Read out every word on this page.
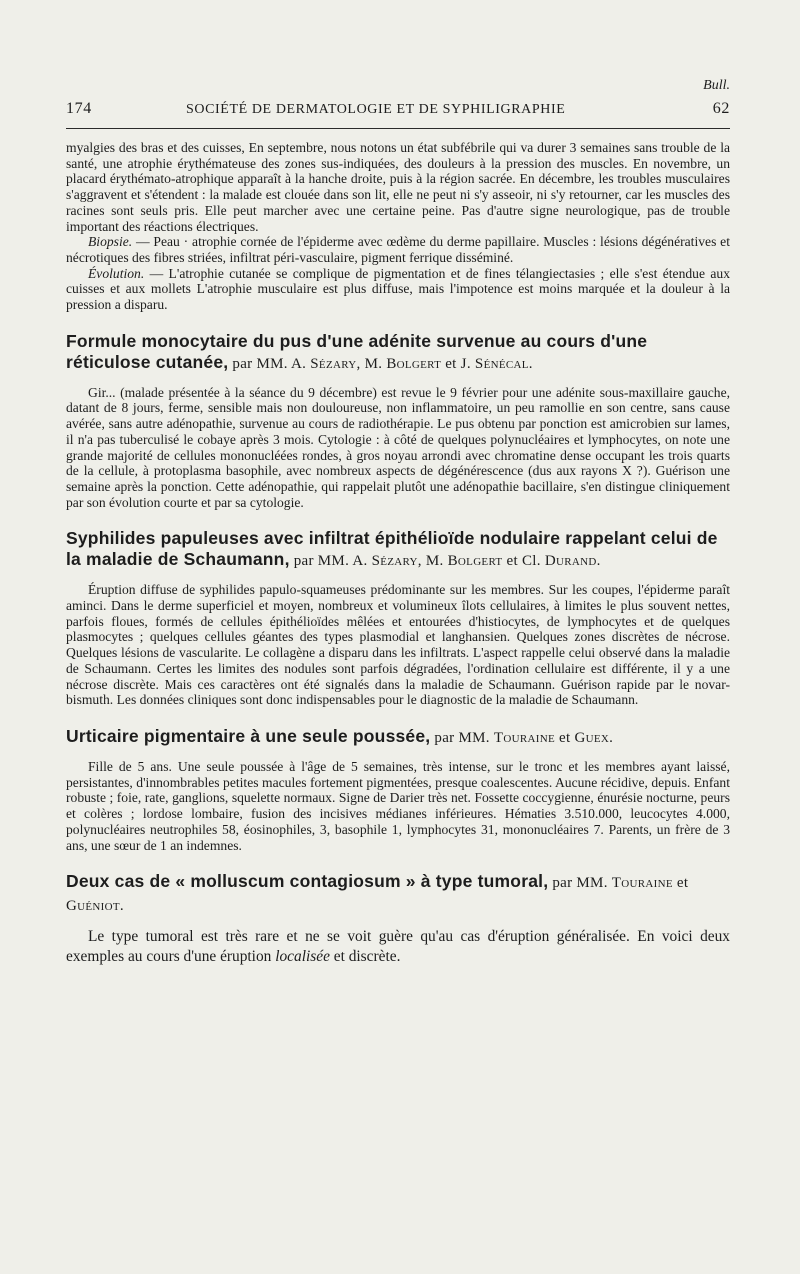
Bull.
174	SOCIÉTÉ DE DERMATOLOGIE ET DE SYPHILIGRAPHIE	62

myalgies des bras et des cuisses, En septembre, nous notons un état subfébrile qui va durer 3 semaines sans trouble de la santé, une atrophie érythémateuse des zones sus-indiquées, des douleurs à la pression des muscles. En novembre, un placard érythémato-atrophique apparaît à la hanche droite, puis à la région sacrée. En décembre, les troubles musculaires s'aggravent et s'étendent : la malade est clouée dans son lit, elle ne peut ni s'y asseoir, ni s'y retourner, car les muscles des racines sont seuls pris. Elle peut marcher avec une certaine peine. Pas d'autre signe neurologique, pas de trouble important des réactions électriques.

Biopsie. — Peau · atrophie cornée de l'épiderme avec œdème du derme papillaire. Muscles : lésions dégénératives et nécrotiques des fibres striées, infiltrat péri-vasculaire, pigment ferrique disséminé.

Évolution. — L'atrophie cutanée se complique de pigmentation et de fines télangiectasies ; elle s'est étendue aux cuisses et aux mollets L'atrophie musculaire est plus diffuse, mais l'impotence est moins marquée et la douleur à la pression a disparu.

Formule monocytaire du pus d'une adénite survenue au cours d'une réticulose cutanée, par MM. A. Sézary, M. Bolgert et J. Sénécal.

Gir... (malade présentée à la séance du 9 décembre) est revue le 9 février pour une adénite sous-maxillaire gauche, datant de 8 jours, ferme, sensible mais non douloureuse, non inflammatoire, un peu ramollie en son centre, sans cause avérée, sans autre adénopathie, survenue au cours de radiothérapie. Le pus obtenu par ponction est amicrobien sur lames, il n'a pas tuberculisé le cobaye après 3 mois. Cytologie : à côté de quelques polynucléaires et lymphocytes, on note une grande majorité de cellules mononucléées rondes, à gros noyau arrondi avec chromatine dense occupant les trois quarts de la cellule, à protoplasma basophile, avec nombreux aspects de dégénérescence (dus aux rayons X ?). Guérison une semaine après la ponction. Cette adénopathie, qui rappelait plutôt une adénopathie bacillaire, s'en distingue cliniquement par son évolution courte et par sa cytologie.

Syphilides papuleuses avec infiltrat épithélioïde nodulaire rappelant celui de la maladie de Schaumann, par MM. A. Sézary, M. Bolgert et Cl. Durand.

Éruption diffuse de syphilides papulo-squameuses prédominante sur les membres. Sur les coupes, l'épiderme paraît aminci. Dans le derme superficiel et moyen, nombreux et volumineux îlots cellulaires, à limites le plus souvent nettes, parfois floues, formés de cellules épithélioïdes mêlées et entourées d'histiocytes, de lymphocytes et de quelques plasmocytes ; quelques cellules géantes des types plasmodial et langhansien. Quelques zones discrètes de nécrose. Quelques lésions de vascularite. Le collagène a disparu dans les infiltrats. L'aspect rappelle celui observé dans la maladie de Schaumann. Certes les limites des nodules sont parfois dégradées, l'ordination cellulaire est différente, il y a une nécrose discrète. Mais ces caractères ont été signalés dans la maladie de Schaumann. Guérison rapide par le novar-bismuth. Les données cliniques sont donc indispensables pour le diagnostic de la maladie de Schaumann.

Urticaire pigmentaire à une seule poussée, par MM. Touraine et Guex.

Fille de 5 ans. Une seule poussée à l'âge de 5 semaines, très intense, sur le tronc et les membres ayant laissé, persistantes, d'innombrables petites macules fortement pigmentées, presque coalescentes. Aucune récidive, depuis. Enfant robuste ; foie, rate, ganglions, squelette normaux. Signe de Darier très net. Fossette coccygienne, énurésie nocturne, peurs et colères ; lordose lombaire, fusion des incisives médianes inférieures. Hématies 3.510.000, leucocytes 4.000, polynucléaires neutrophiles 58, éosinophiles, 3, basophile 1, lymphocytes 31, mononucléaires 7. Parents, un frère de 3 ans, une sœur de 1 an indemnes.

Deux cas de « molluscum contagiosum » à type tumoral, par MM. Touraine et Guéniot.

Le type tumoral est très rare et ne se voit guère qu'au cas d'éruption généralisée. En voici deux exemples au cours d'une éruption localisée et discrète.
